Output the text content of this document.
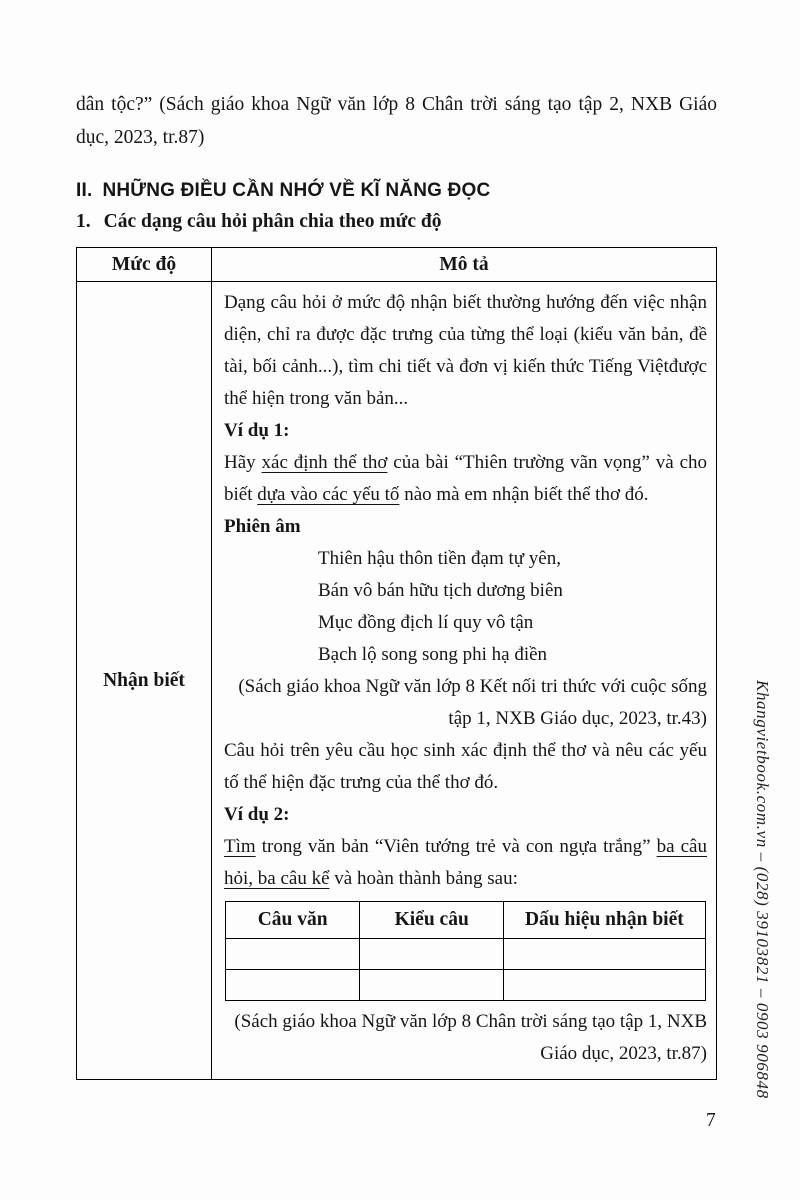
dân tộc?” (Sách giáo khoa Ngữ văn lớp 8 Chân trời sáng tạo tập 2, NXB Giáo dục, 2023, tr.87)

II. NHỮNG ĐIỀU CẦN NHỚ VỀ KĨ NĂNG ĐỌC
1. Các dạng câu hỏi phân chia theo mức độ
Mức độ	Mô tả
Nhận biết	

Dạng câu hỏi ở mức độ nhận biết thường hướng đến việc nhận diện, chỉ ra được đặc trưng của từng thể loại (kiểu văn bản, đề tài, bối cảnh...), tìm chi tiết và đơn vị kiến thức Tiếng Việtđược thể hiện trong văn bản...

Ví dụ 1:

Hãy xác định thể thơ của bài “Thiên trường vãn vọng” và cho biết dựa vào các yếu tố nào mà em nhận biết thể thơ đó.

Phiên âm

Thiên hậu thôn tiền đạm tự yên,

Bán vô bán hữu tịch dương biên

Mục đồng địch lí quy vô tận

Bạch lộ song song phi hạ điền

(Sách giáo khoa Ngữ văn lớp 8 Kết nối tri thức với cuộc sống tập 1, NXB Giáo dục, 2023, tr.43)

Câu hỏi trên yêu cầu học sinh xác định thể thơ và nêu các yếu tố thể hiện đặc trưng của thể thơ đó.

Ví dụ 2:

Tìm trong văn bản “Viên tướng trẻ và con ngựa trắng” ba câu hỏi, ba câu kể và hoàn thành bảng sau:

Câu văn	Kiểu câu	Dấu hiệu nhận biết

(Sách giáo khoa Ngữ văn lớp 8 Chân trời sáng tạo tập 1, NXB Giáo dục, 2023, tr.87)	Khangvietbook.com.vn – (028) 39103821 – 0903 906848
7
